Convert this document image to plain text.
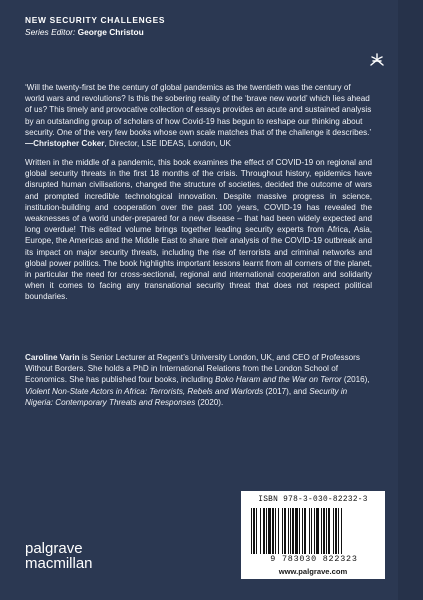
NEW SECURITY CHALLENGES
Series Editor: George Christou
‘Will the twenty-first be the century of global pandemics as the twentieth was the century of world wars and revolutions? Is this the sobering reality of the ‘brave new world’ which lies ahead of us? This timely and provocative collection of essays provides an acute and sustained analysis by an outstanding group of scholars of how Covid-19 has begun to reshape our thinking about security. One of the very few books whose own scale matches that of the challenge it describes.’ —Christopher Coker, Director, LSE IDEAS, London, UK
Written in the middle of a pandemic, this book examines the effect of COVID-19 on regional and global security threats in the first 18 months of the crisis. Throughout history, epidemics have disrupted human civilisations, changed the structure of societies, decided the outcome of wars and prompted incredible technological innovation. Despite massive progress in science, institution-building and cooperation over the past 100 years, COVID-19 has revealed the weaknesses of a world under-prepared for a new disease – that had been widely expected and long overdue! This edited volume brings together leading security experts from Africa, Asia, Europe, the Americas and the Middle East to share their analysis of the COVID-19 outbreak and its impact on major security threats, including the rise of terrorists and criminal networks and global power politics. The book highlights important lessons learnt from all corners of the planet, in particular the need for cross-sectional, regional and international cooperation and solidarity when it comes to facing any transnational security threat that does not respect political boundaries.
Caroline Varin is Senior Lecturer at Regent’s University London, UK, and CEO of Professors Without Borders. She holds a PhD in International Relations from the London School of Economics. She has published four books, including Boko Haram and the War on Terror (2016), Violent Non-State Actors in Africa: Terrorists, Rebels and Warlords (2017), and Security in Nigeria: Contemporary Threats and Responses (2020).
ISBN 978-3-030-82232-3
9 783030 822323
www.palgrave.com
palgrave
macmillan
